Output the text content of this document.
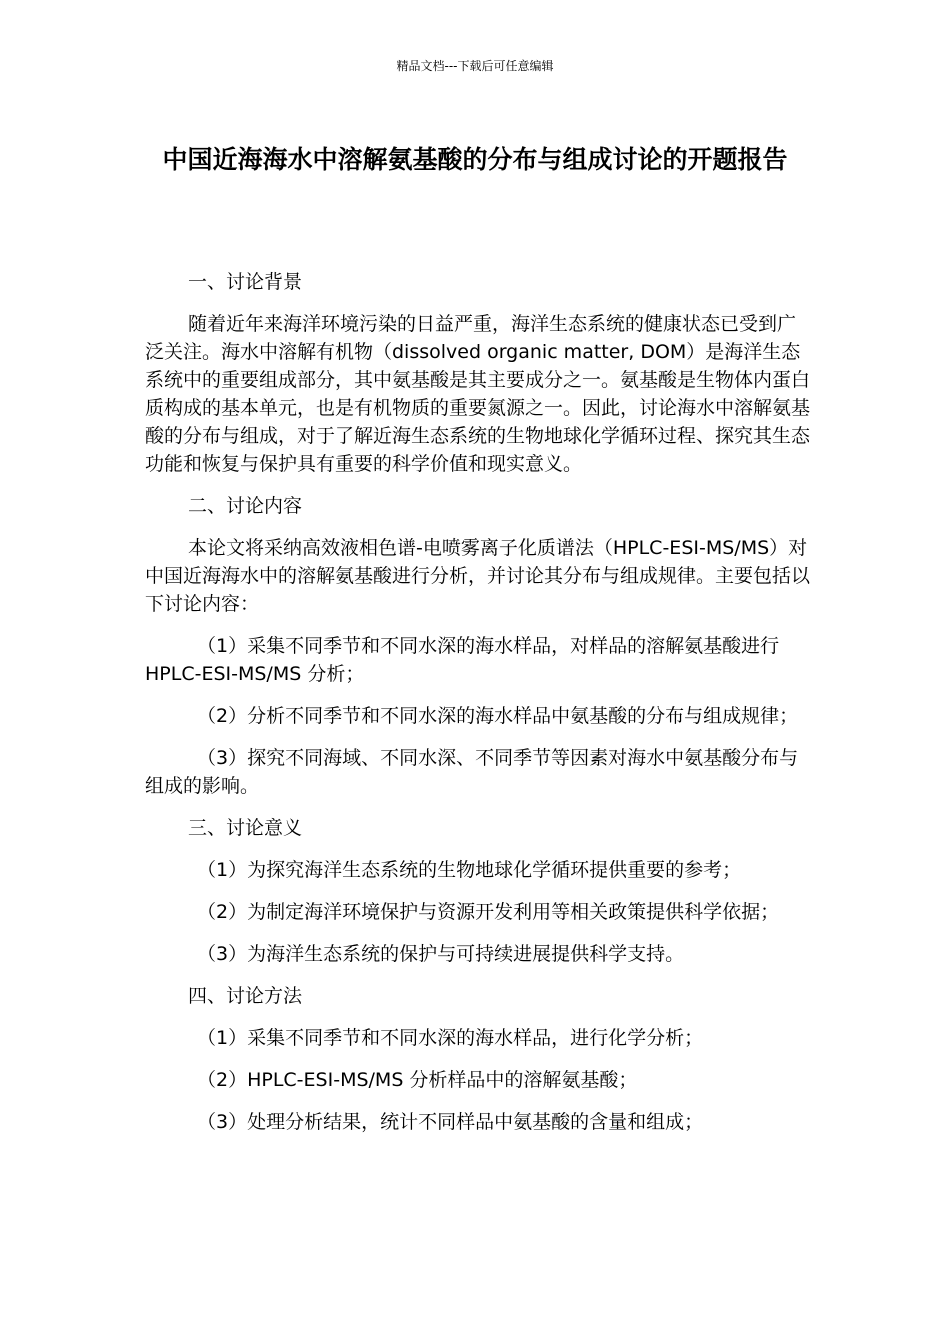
精品文档---下载后可任意编辑
中国近海海水中溶解氨基酸的分布与组成讨论的开题报告

一、讨论背景

随着近年来海洋环境污染的日益严重，海洋生态系统的健康状态已受到广泛关注。海水中溶解有机物（dissolved organic matter, DOM）是海洋生态系统中的重要组成部分，其中氨基酸是其主要成分之一。氨基酸是生物体内蛋白质构成的基本单元，也是有机物质的重要氮源之一。因此，讨论海水中溶解氨基酸的分布与组成，对于了解近海生态系统的生物地球化学循环过程、探究其生态功能和恢复与保护具有重要的科学价值和现实意义。

二、讨论内容

本论文将采纳高效液相色谱-电喷雾离子化质谱法（HPLC-ESI-MS/MS）对中国近海海水中的溶解氨基酸进行分析，并讨论其分布与组成规律。主要包括以下讨论内容：

（1）采集不同季节和不同水深的海水样品，对样品的溶解氨基酸进行 HPLC-ESI-MS/MS 分析；

（2）分析不同季节和不同水深的海水样品中氨基酸的分布与组成规律；

（3）探究不同海域、不同水深、不同季节等因素对海水中氨基酸分布与组成的影响。

三、讨论意义

（1）为探究海洋生态系统的生物地球化学循环提供重要的参考；

（2）为制定海洋环境保护与资源开发利用等相关政策提供科学依据；

（3）为海洋生态系统的保护与可持续进展提供科学支持。

四、讨论方法

（1）采集不同季节和不同水深的海水样品，进行化学分析；

（2）HPLC-ESI-MS/MS 分析样品中的溶解氨基酸；

（3）处理分析结果，统计不同样品中氨基酸的含量和组成；
